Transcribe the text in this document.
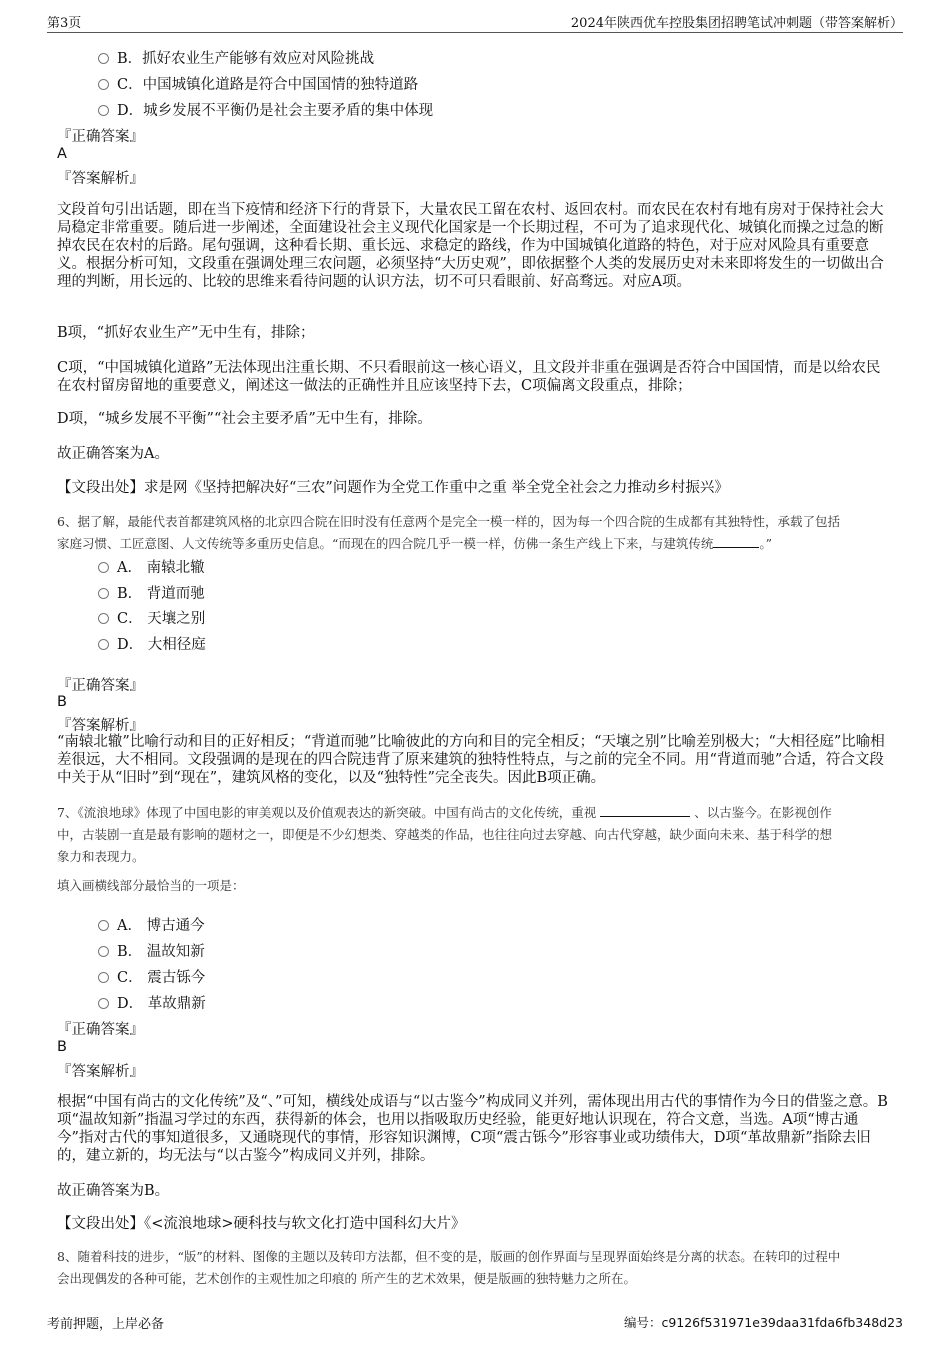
第3页	2024年陕西优车控股集团招聘笔试冲刺题（带答案解析）
B．抓好农业生产能够有效应对风险挑战
C．中国城镇化道路是符合中国国情的独特道路
D．城乡发展不平衡仍是社会主要矛盾的集中体现
『正确答案』
A
『答案解析』
文段首句引出话题，即在当下疫情和经济下行的背景下，大量农民工留在农村、返回农村。而农民在农村有地有房对于保持社会大局稳定非常重要。随后进一步阐述，全面建设社会主义现代化国家是一个长期过程，不可为了追求现代化、城镇化而操之过急的断掉农民在农村的后路。尾句强调，这种看长期、重长远、求稳定的路线，作为中国城镇化道路的特色，对于应对风险具有重要意义。根据分析可知，文段重在强调处理三农问题，必须坚持“大历史观”，即依据整个人类的发展历史对未来即将发生的一切做出合理的判断，用长远的、比较的思维来看待问题的认识方法，切不可只看眼前、好高骛远。对应A项。
B项，“抓好农业生产”无中生有，排除；
C项，“中国城镇化道路”无法体现出注重长期、不只看眼前这一核心语义，且文段并非重在强调是否符合中国国情，而是以给农民在农村留房留地的重要意义，阐述这一做法的正确性并且应该坚持下去，C项偏离文段重点，排除；
D项，“城乡发展不平衡”“社会主要矛盾”无中生有，排除。
故正确答案为A。
【文段出处】求是网《坚持把解决好“三农”问题作为全党工作重中之重 举全党全社会之力推动乡村振兴》
6、据了解，最能代表首都建筑风格的北京四合院在旧时没有任意两个是完全一模一样的，因为每一个四合院的生成都有其独特性，承载了包括
家庭习惯、工匠意图、人文传统等多重历史信息。“而现在的四合院几乎一模一样，仿佛一条生产线上下来，与建筑传统	。”
A． 南辕北辙
B． 背道而驰
C． 天壤之别
D． 大相径庭
『正确答案』
B
『答案解析』
“南辕北辙”比喻行动和目的正好相反；“背道而驰”比喻彼此的方向和目的完全相反；“天壤之别”比喻差别极大；“大相径庭”比喻相差很远，大不相同。文段强调的是现在的四合院违背了原来建筑的独特性特点，与之前的完全不同。用“背道而驰”合适，符合文段中关于从“旧时”到“现在”，建筑风格的变化，以及“独特性”完全丧失。因此B项正确。
7、《流浪地球》体现了中国电影的审美观以及价值观表达的新突破。中国有尚古的文化传统，重视	、以古鉴今。在影视创作
中，古装剧一直是最有影响的题材之一，即便是不少幻想类、穿越类的作品，也往往向过去穿越、向古代穿越，缺少面向未来、基于科学的想
象力和表现力。
填入画横线部分最恰当的一项是：
A． 博古通今
B． 温故知新
C． 震古铄今
D． 革故鼎新
『正确答案』
B
『答案解析』
根据“中国有尚古的文化传统”及“、”可知，横线处成语与“以古鉴今”构成同义并列，需体现出用古代的事情作为今日的借鉴之意。B项“温故知新”指温习学过的东西，获得新的体会，也用以指吸取历史经验，能更好地认识现在，符合文意，当选。A项“博古通今”指对古代的事知道很多，又通晓现代的事情，形容知识渊博，C项“震古铄今”形容事业或功绩伟大，D项“革故鼎新”指除去旧的，建立新的，均无法与“以古鉴今”构成同义并列，排除。
故正确答案为B。
【文段出处】《<流浪地球>硬科技与软文化打造中国科幻大片》
8、随着科技的进步，“版”的材料、图像的主题以及转印方法都，但不变的是，版画的创作界面与呈现界面始终是分离的状态。在转印的过程中
会出现偶发的各种可能，艺术创作的主观性加之印痕的 所产生的艺术效果，便是版画的独特魅力之所在。
考前押题，上岸必备	编号：c9126f531971e39daa31fda6fb348d23
